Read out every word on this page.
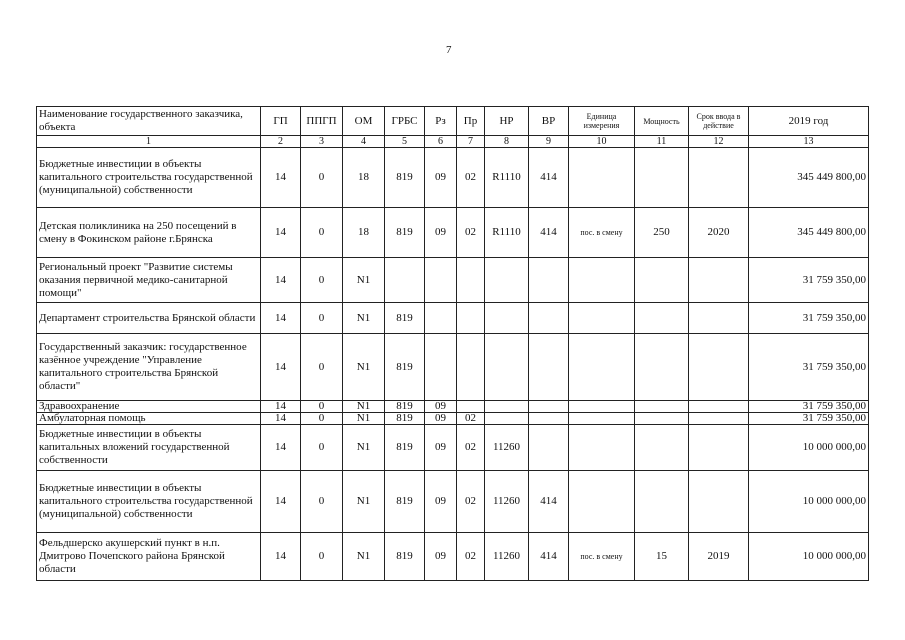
7
Наименование государственного заказчика, объекта	ГП	ППГП	ОМ	ГРБС	Рз	Пр	НР	ВР	Единица измерения	Мощность	Срок ввода в действие	2019 год
1	2	3	4	5	6	7	8	9	10	11	12	13
Бюджетные инвестиции в объекты капитального строительства государственной (муниципальной) собственности	14	0	18	819	09	02	R1110	414				345 449 800,00
Детская поликлиника на 250 посещений в смену в Фокинском районе г.Брянска	14	0	18	819	09	02	R1110	414	пос. в смену	250	2020	345 449 800,00
Региональный проект "Развитие системы оказания первичной медико-санитарной помощи"	14	0	N1									31 759 350,00
Департамент строительства Брянской области	14	0	N1	819								31 759 350,00
Государственный заказчик: государственное казённое учреждение "Управление капитального строительства Брянской области"	14	0	N1	819								31 759 350,00
Здравоохранение	14	0	N1	819	09							31 759 350,00
Амбулаторная помощь	14	0	N1	819	09	02						31 759 350,00
Бюджетные инвестиции в объекты капитальных вложений государственной собственности	14	0	N1	819	09	02	11260					10 000 000,00
Бюджетные инвестиции в объекты капитального строительства государственной (муниципальной) собственности	14	0	N1	819	09	02	11260	414				10 000 000,00
Фельдшерско акушерский пункт в н.п. Дмитрово Почепского района Брянской области	14	0	N1	819	09	02	11260	414	пос. в смену	15	2019	10 000 000,00
